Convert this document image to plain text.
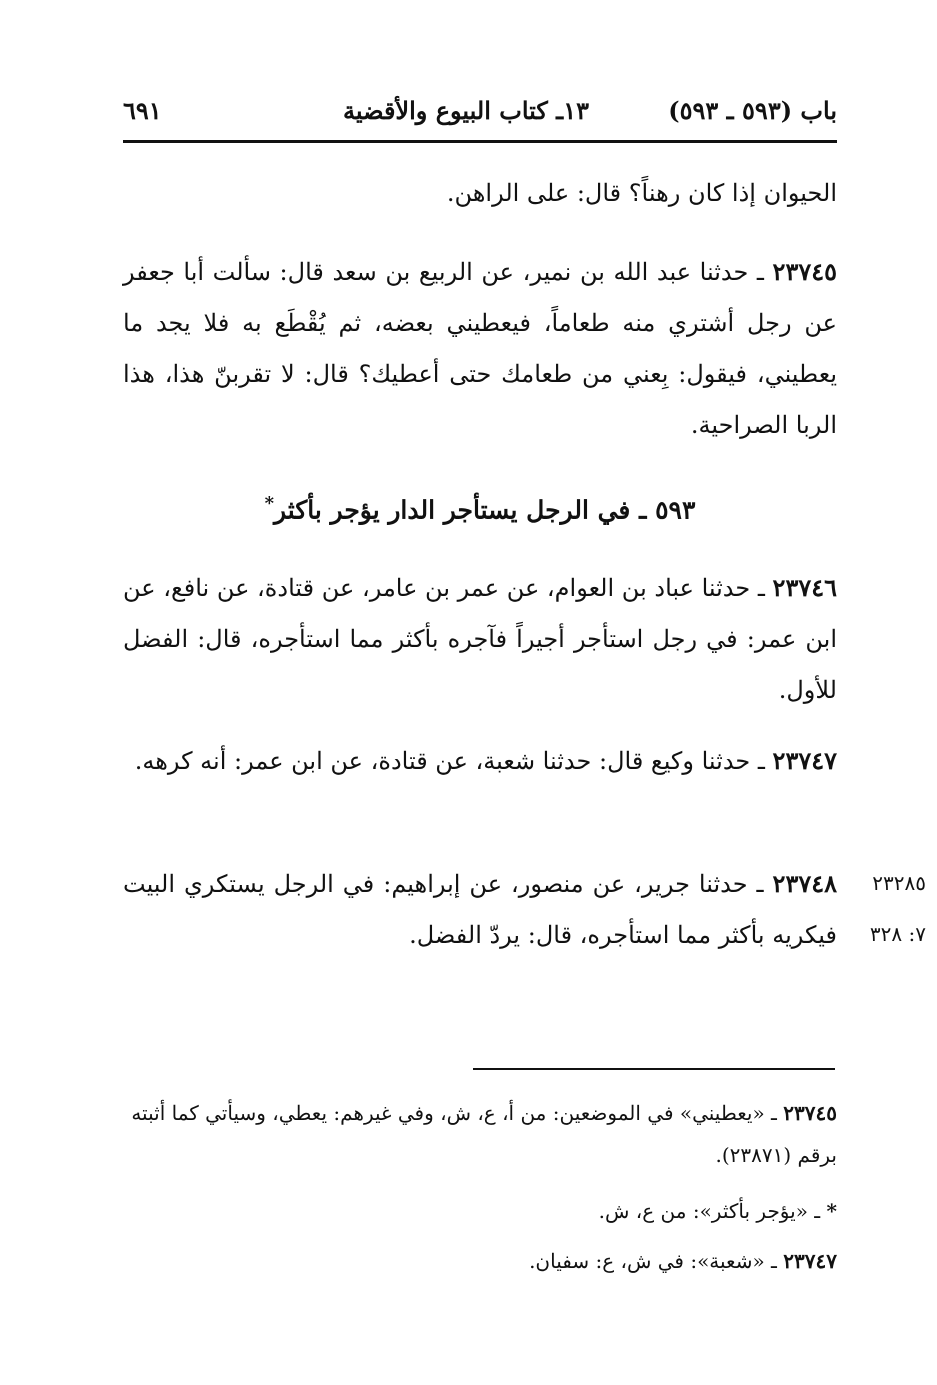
باب (٥٩٣ ـ ٥٩٣)
١٣ـ كتاب البيوع والأقضية
٦٩١
الحيوان إذا كان رهناً؟ قال: على الراهن.
٢٣٧٤٥ ـ حدثنا عبد الله بن نمير، عن الربيع بن سعد قال: سألت أبا جعفر عن رجل أشتري منه طعاماً، فيعطيني بعضه، ثم يُقْطَع به فلا يجد ما يعطيني، فيقول: بِعني من طعامك حتى أعطيك؟ قال: لا تقربنّ هذا، هذا الربا الصراحية.
٥٩٣ ـ في الرجل يستأجر الدار يؤجر بأكثر*
٢٣٧٤٦ ـ حدثنا عباد بن العوام، عن عمر بن عامر، عن قتادة، عن نافع، عن ابن عمر: في رجل استأجر أجيراً فآجره بأكثر مما استأجره، قال: الفضل للأول.
٢٣٧٤٧ ـ حدثنا وكيع قال: حدثنا شعبة، عن قتادة، عن ابن عمر: أنه كرهه.
٢٣٧٤٨ ـ حدثنا جرير، عن منصور، عن إبراهيم: في الرجل يستكري البيت فيكريه بأكثر مما استأجره، قال: يردّ الفضل.
٢٣٢٨٥
٧: ٣٢٨
٢٣٧٤٥ ـ «يعطيني» في الموضعين: من أ، ع، ش، وفي غيرهم: يعطي، وسيأتي كما أثبته برقم (٢٣٨٧١).
* ـ «يؤجر بأكثر»: من ع، ش.
٢٣٧٤٧ ـ «شعبة»: في ش، ع: سفيان.
